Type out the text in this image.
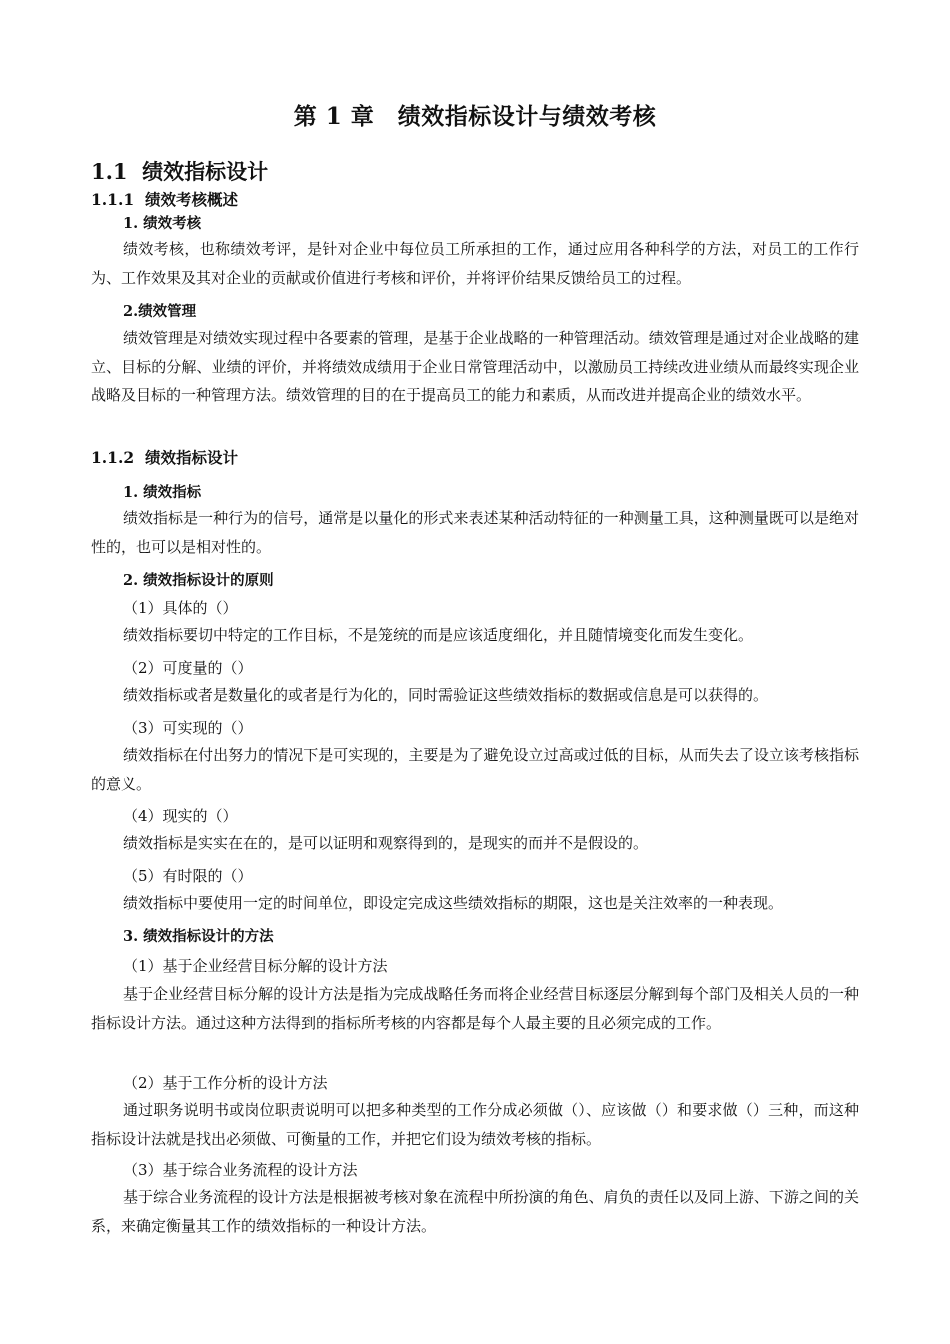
第 1 章　绩效指标设计与绩效考核
1.1  绩效指标设计
1.1.1  绩效考核概述
1. 绩效考核

绩效考核，也称绩效考评，是针对企业中每位员工所承担的工作，通过应用各种科学的方法，对员工的工作行为、工作效果及其对企业的贡献或价值进行考核和评价，并将评价结果反馈给员工的过程。

2.绩效管理

绩效管理是对绩效实现过程中各要素的管理，是基于企业战略的一种管理活动。绩效管理是通过对企业战略的建立、目标的分解、业绩的评价，并将绩效成绩用于企业日常管理活动中，以激励员工持续改进业绩从而最终实现企业战略及目标的一种管理方法。绩效管理的目的在于提高员工的能力和素质，从而改进并提高企业的绩效水平。

1.1.2  绩效指标设计
1. 绩效指标

绩效指标是一种行为的信号，通常是以量化的形式来表述某种活动特征的一种测量工具，这种测量既可以是绝对性的，也可以是相对性的。

2. 绩效指标设计的原则
（1）具体的（）

绩效指标要切中特定的工作目标，不是笼统的而是应该适度细化，并且随情境变化而发生变化。

（2）可度量的（）

绩效指标或者是数量化的或者是行为化的，同时需验证这些绩效指标的数据或信息是可以获得的。

（3）可实现的（）

绩效指标在付出努力的情况下是可实现的，主要是为了避免设立过高或过低的目标，从而失去了设立该考核指标的意义。

（4）现实的（）

绩效指标是实实在在的，是可以证明和观察得到的，是现实的而并不是假设的。

（5）有时限的（）

绩效指标中要使用一定的时间单位，即设定完成这些绩效指标的期限，这也是关注效率的一种表现。

3. 绩效指标设计的方法
（1）基于企业经营目标分解的设计方法

基于企业经营目标分解的设计方法是指为完成战略任务而将企业经营目标逐层分解到每个部门及相关人员的一种指标设计方法。通过这种方法得到的指标所考核的内容都是每个人最主要的且必须完成的工作。

（2）基于工作分析的设计方法

通过职务说明书或岗位职责说明可以把多种类型的工作分成必须做（）、应该做（）和要求做（）三种，而这种指标设计法就是找出必须做、可衡量的工作，并把它们设为绩效考核的指标。

（3）基于综合业务流程的设计方法

基于综合业务流程的设计方法是根据被考核对象在流程中所扮演的角色、肩负的责任以及同上游、下游之间的关系，来确定衡量其工作的绩效指标的一种设计方法。
